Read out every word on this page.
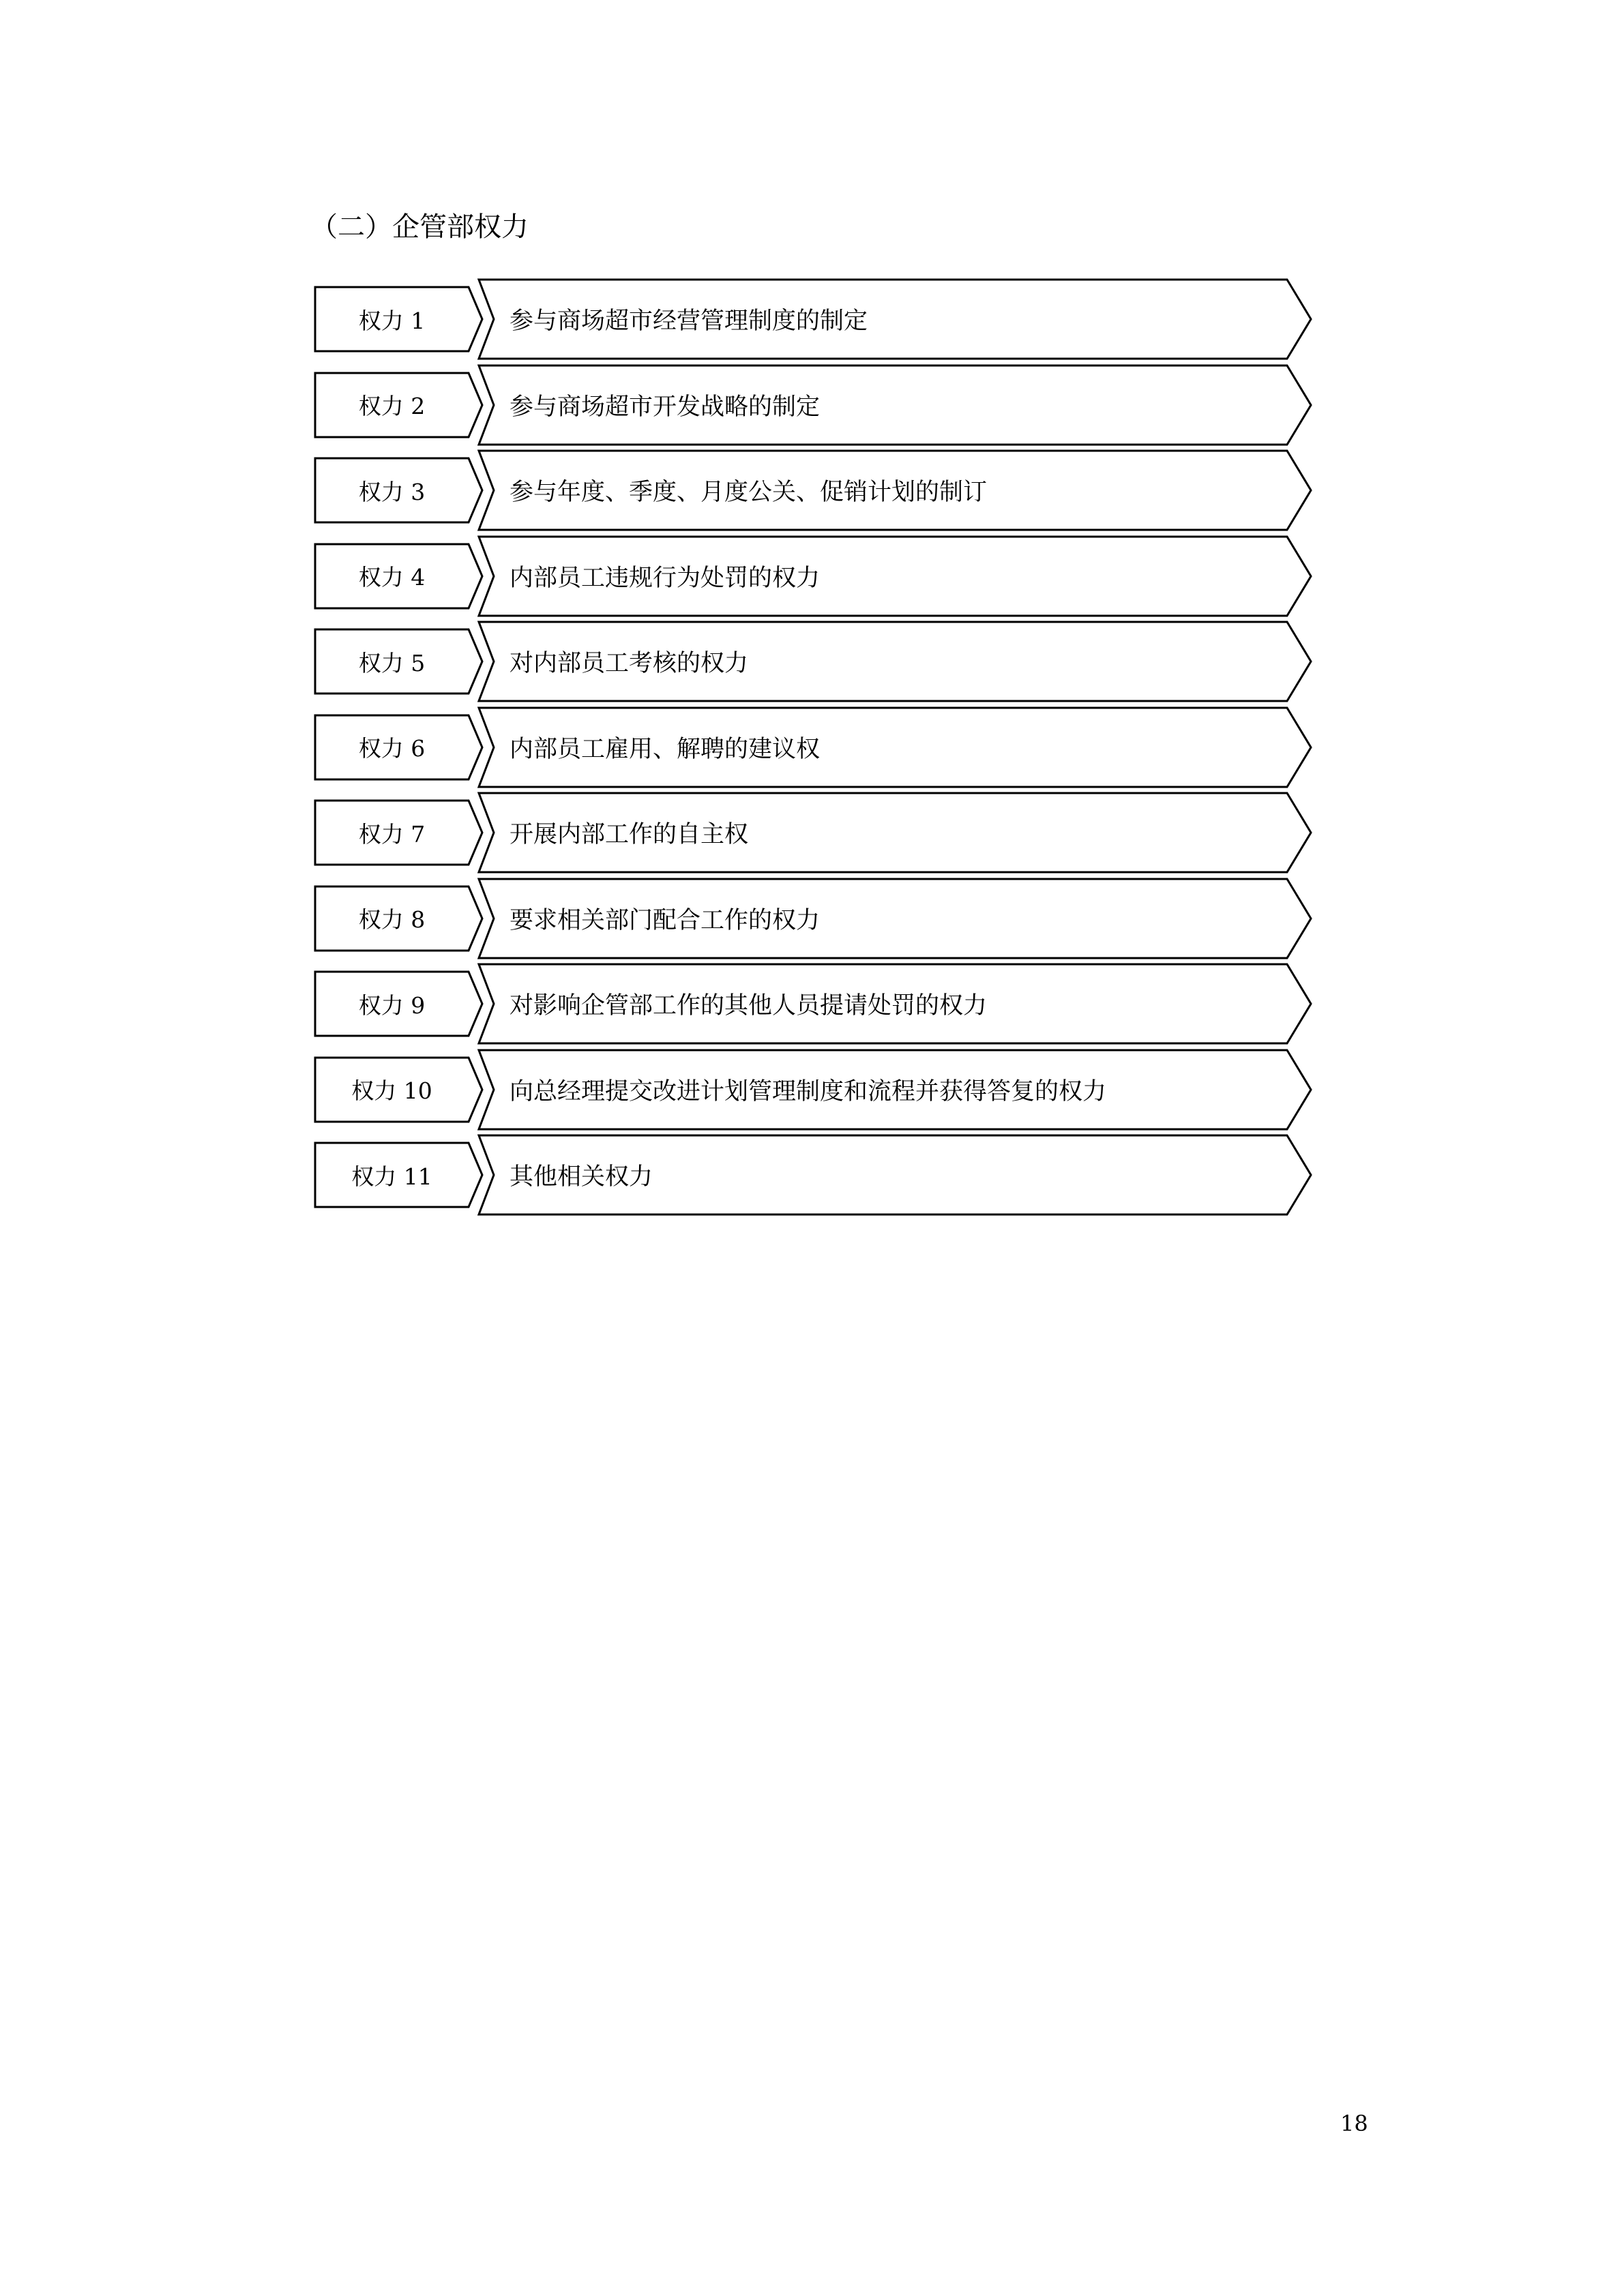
（二）企管部权力
权力 1	参与商场超市经营管理制度的制定
权力 2	参与商场超市开发战略的制定
权力 3	参与年度、季度、月度公关、促销计划的制订
权力 4	内部员工违规行为处罚的权力
权力 5	对内部员工考核的权力
权力 6	内部员工雇用、解聘的建议权
权力 7	开展内部工作的自主权
权力 8	要求相关部门配合工作的权力
权力 9	对影响企管部工作的其他人员提请处罚的权力
权力 10	向总经理提交改进计划管理制度和流程并获得答复的权力
权力 11	其他相关权力
18
